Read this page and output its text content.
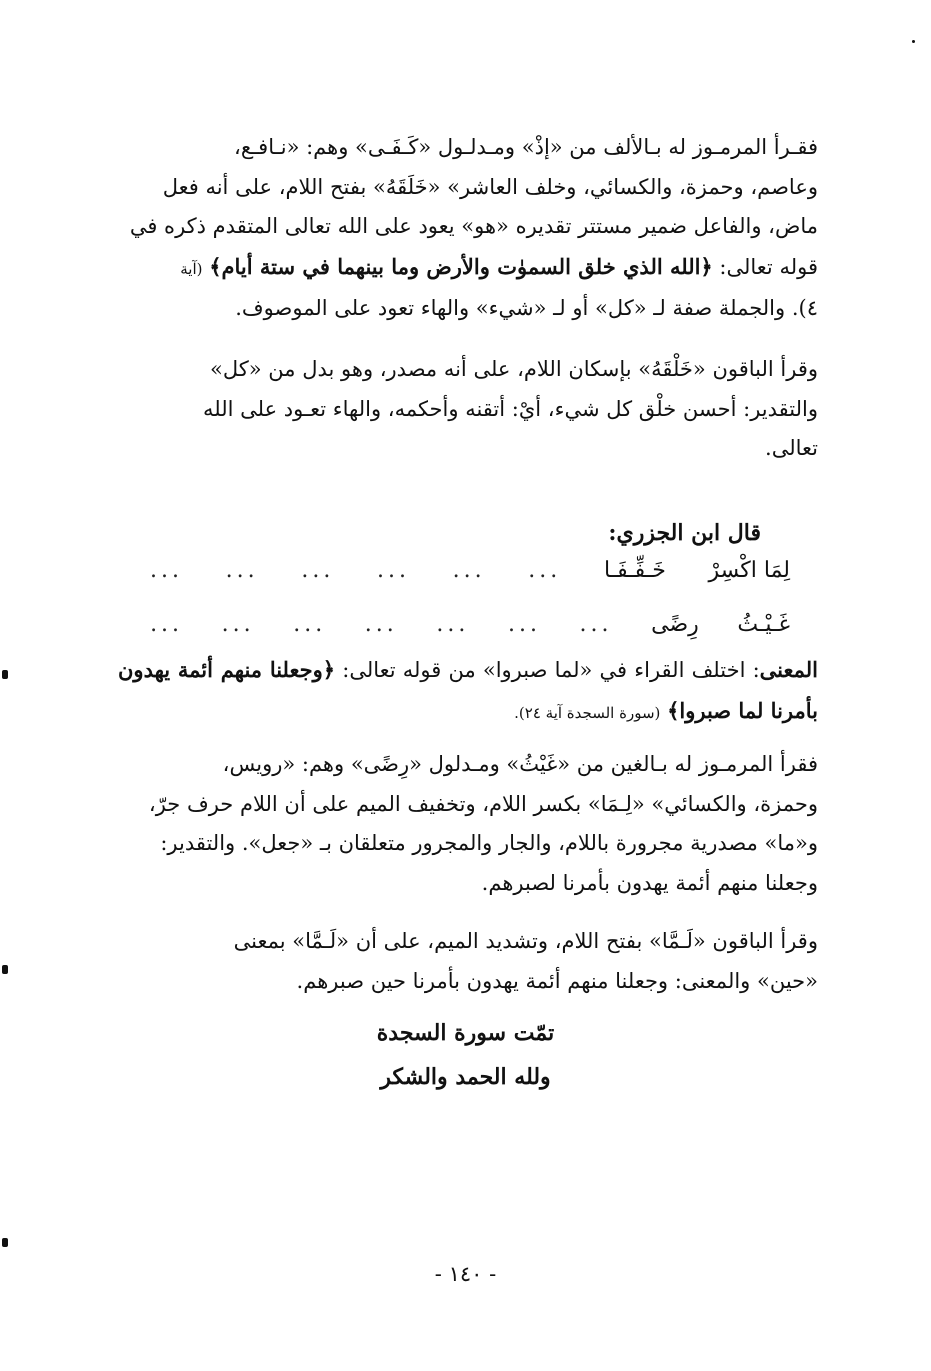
فقـرأ المرمـوز له بـالألف من «إذْ» ومـدلـول «كَـفَـى» وهم: «نـافـع،

وعاصم، وحمزة، والكسائي، وخلف العاشر» «خَلَقَهُ» بفتح اللام، على أنه فعل

ماض، والفاعل ضمير مستتر تقديره «هو» يعود على الله تعالى المتقدم ذكره في

قوله تعالى: ﴿الله الذي خلق السموٰت والأرض وما بينهما في ستة أيام﴾ (آية

٤). والجملة صفة لـ «كل» أو لـ «شيء» والهاء تعود على الموصوف.

وقرأ الباقون «خَلْقَهُ» بإسكان اللام، على أنه مصدر، وهو بدل من «كل»

والتقدير: أحسن خلْق كل شيء، أيْ: أتقنه وأحكمه، والهاء تعـود على الله

تعالى.

قال ابن الجزري:
لِمَا اكْسِرْ
خَـفِّـفَـا
...
...
...
...
...
...
غَـيْـثُ
رِضًى
...
...
...
...
...
...
...

المعنى: اختلف القراء في «لما صبروا» من قوله تعالى: ﴿وجعلنا منهم أئمة يهدون بأمرنا لما صبروا﴾ (سورة السجدة آية ٢٤).

فقرأ المرمـوز له بـالغين من «غَيْثُ» ومـدلول «رِضًى» وهم: «رويس،

وحمزة، والكسائي» «لِـمَا» بكسر اللام، وتخفيف الميم على أن اللام حرف جرّ،

و«ما» مصدرية مجرورة باللام، والجار والمجرور متعلقان بـ «جعل». والتقدير:

وجعلنا منهم أئمة يهدون بأمرنا لصبرهم.

وقرأ الباقون «لَـمَّا» بفتح اللام، وتشديد الميم، على أن «لَـمَّا» بمعنى

«حين» والمعنى: وجعلنا منهم أئمة يهدون بأمرنا حين صبرهم.

تمّت سورة السجدة
ولله الحمد والشكر
- ١٤٠ -
